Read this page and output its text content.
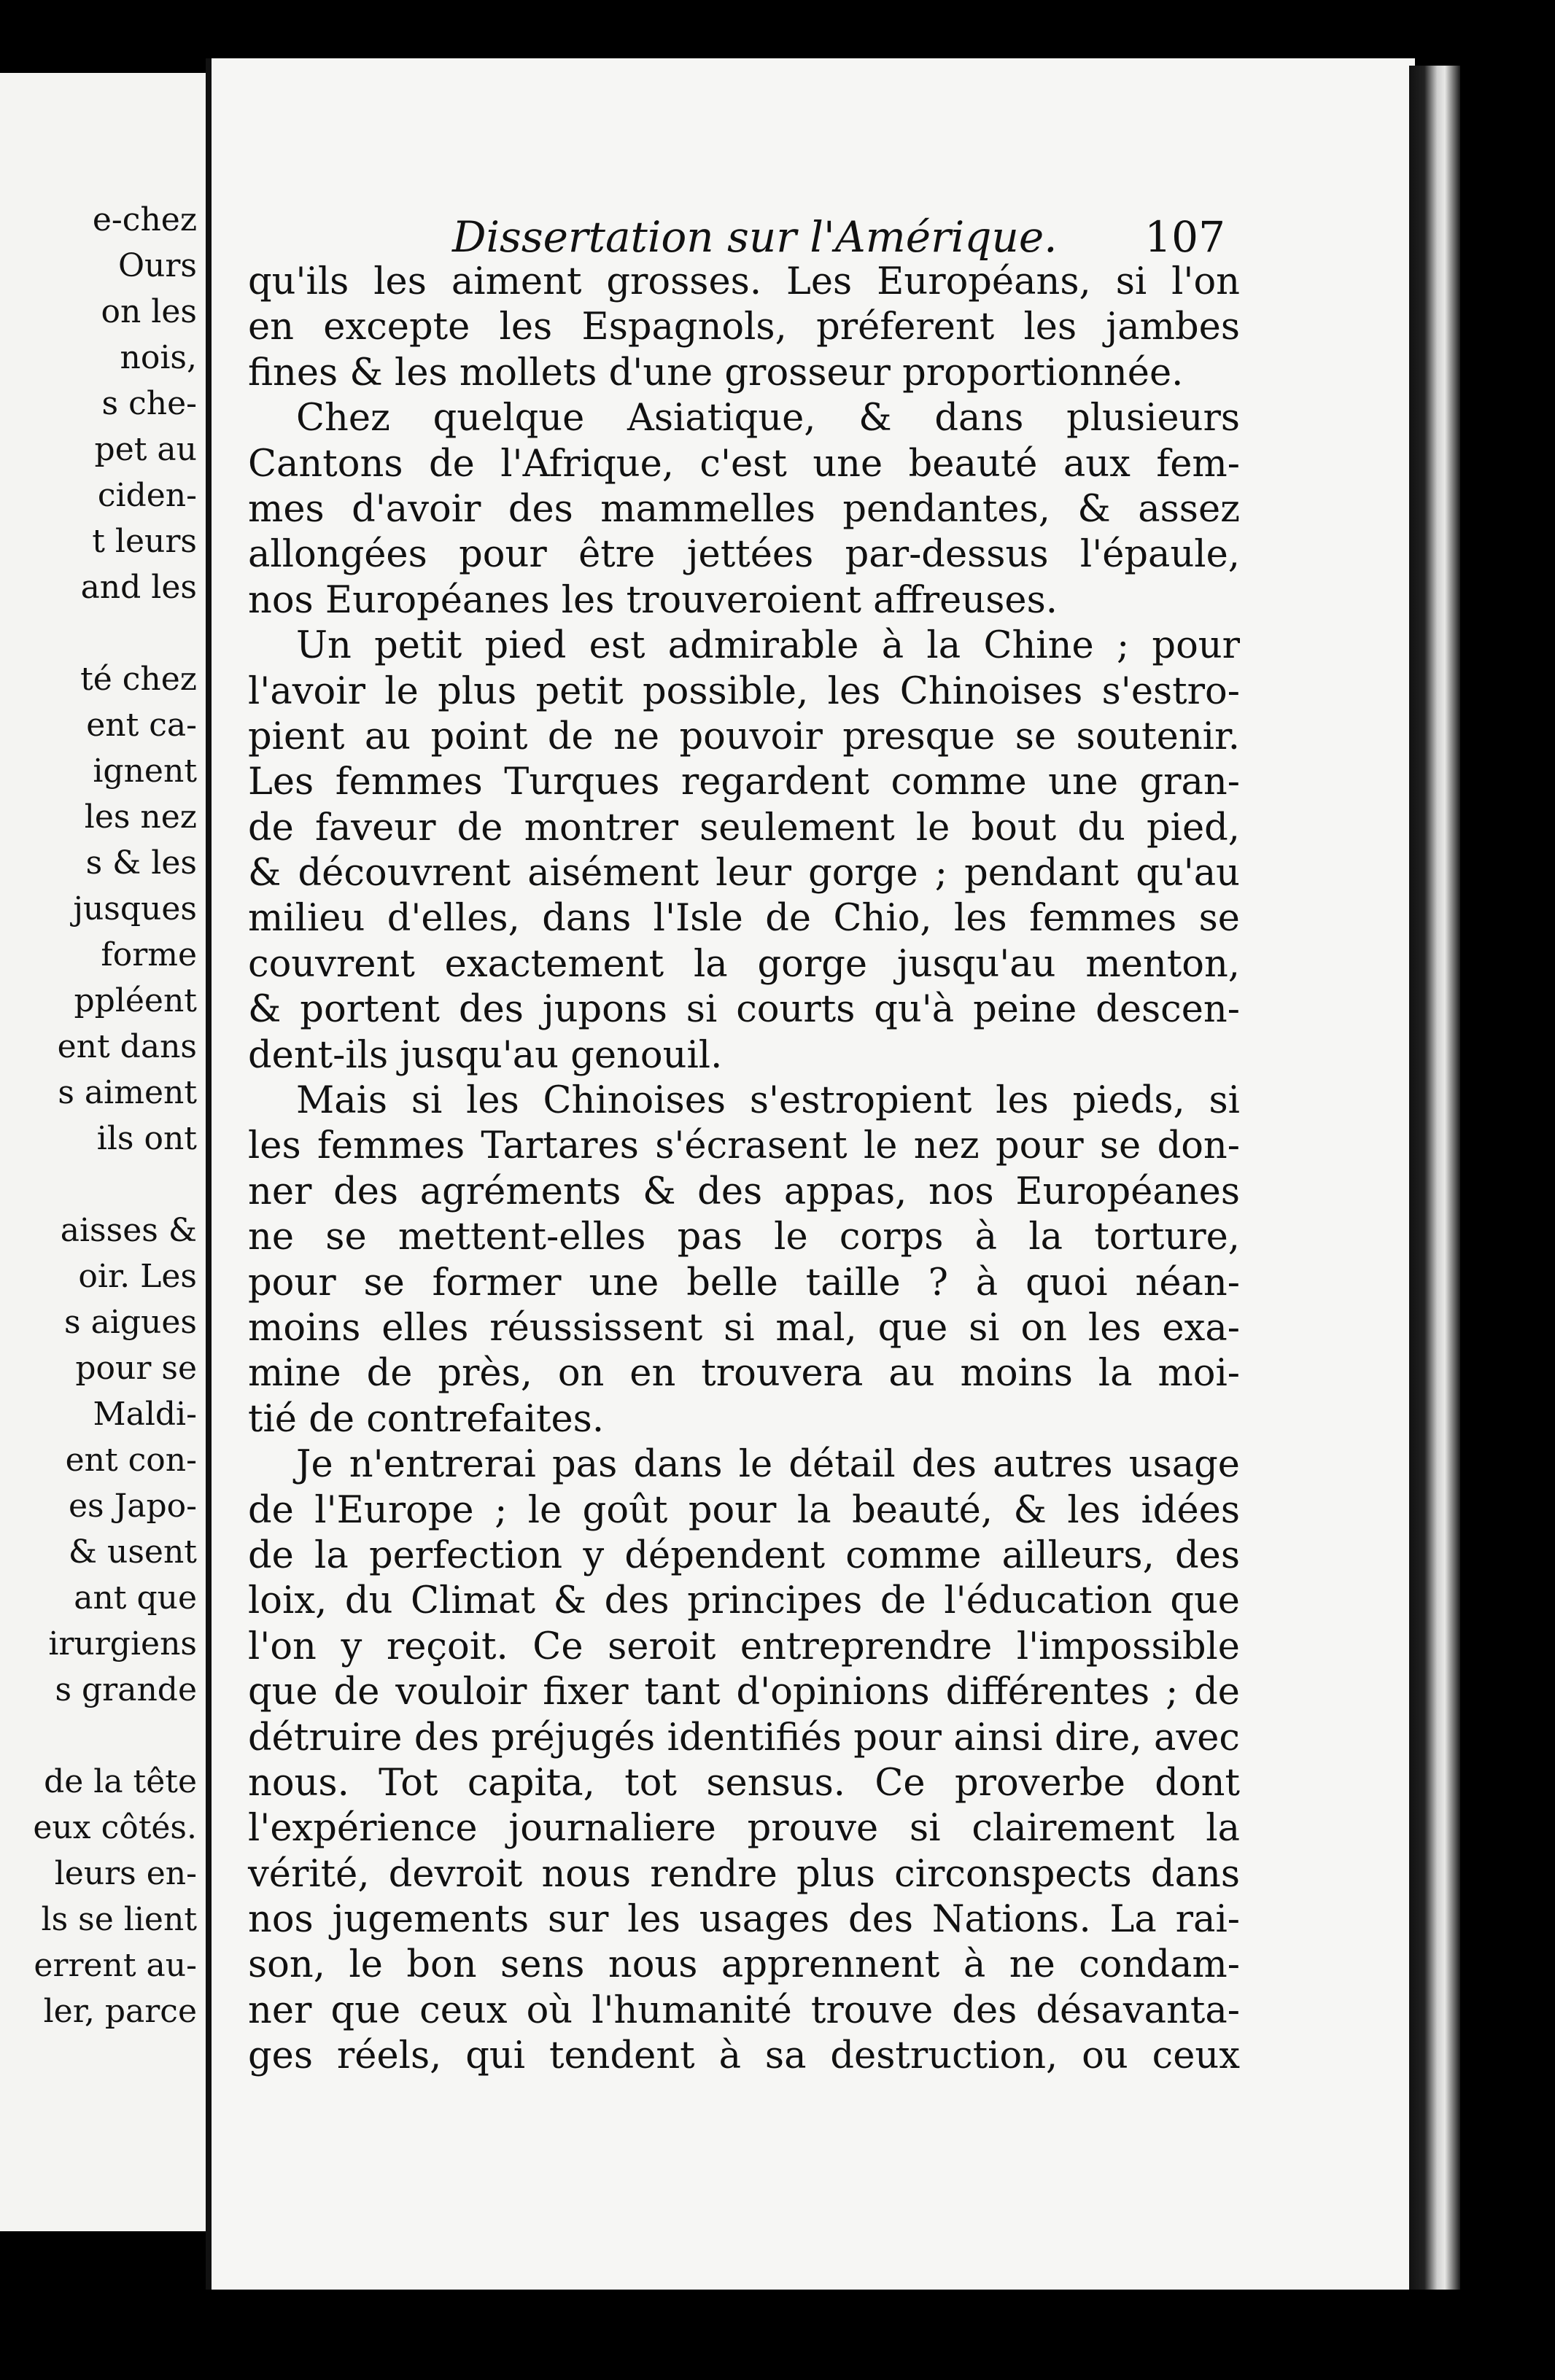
e-chez
Ours
on les
nois,
s che-
pet au
ciden-
t leurs
and les
té chez
ent ca-
ignent
les nez
s & les
jusques
forme
ppléent
ent dans
s aiment
ils ont
aisses &
oir. Les
s aigues
pour se
Maldi-
ent con-
es Japo-
& usent
ant que
irurgiens
s grande
de la tête
eux côtés.
leurs en-
ls se lient
errent au-
ler, parce
Dissertation sur l'Amérique. 107
qu'ils les aiment grosses. Les Européans, si l'on
en excepte les Espagnols, préferent les jambes
fines & les mollets d'une grosseur proportionnée.
Chez quelque Asiatique, & dans plusieurs
Cantons de l'Afrique, c'est une beauté aux fem-
mes d'avoir des mammelles pendantes, & assez
allongées pour être jettées par-dessus l'épaule,
nos Européanes les trouveroient affreuses.
Un petit pied est admirable à la Chine ; pour
l'avoir le plus petit possible, les Chinoises s'estro-
pient au point de ne pouvoir presque se soutenir.
Les femmes Turques regardent comme une gran-
de faveur de montrer seulement le bout du pied,
& découvrent aisément leur gorge ; pendant qu'au
milieu d'elles, dans l'Isle de Chio, les femmes se
couvrent exactement la gorge jusqu'au menton,
& portent des jupons si courts qu'à peine descen-
dent-ils jusqu'au genouil.
Mais si les Chinoises s'estropient les pieds, si
les femmes Tartares s'écrasent le nez pour se don-
ner des agréments & des appas, nos Européanes
ne se mettent-elles pas le corps à la torture,
pour se former une belle taille ? à quoi néan-
moins elles réussissent si mal, que si on les exa-
mine de près, on en trouvera au moins la moi-
tié de contrefaites.
Je n'entrerai pas dans le détail des autres usage
de l'Europe ; le goût pour la beauté, & les idées
de la perfection y dépendent comme ailleurs, des
loix, du Climat & des principes de l'éducation que
l'on y reçoit. Ce seroit entreprendre l'impossible
que de vouloir fixer tant d'opinions différentes ; de
détruire des préjugés identifiés pour ainsi dire, avec
nous. Tot capita, tot sensus. Ce proverbe dont
l'expérience journaliere prouve si clairement la
vérité, devroit nous rendre plus circonspects dans
nos jugements sur les usages des Nations. La rai-
son, le bon sens nous apprennent à ne condam-
ner que ceux où l'humanité trouve des désavanta-
ges réels, qui tendent à sa destruction, ou ceux
